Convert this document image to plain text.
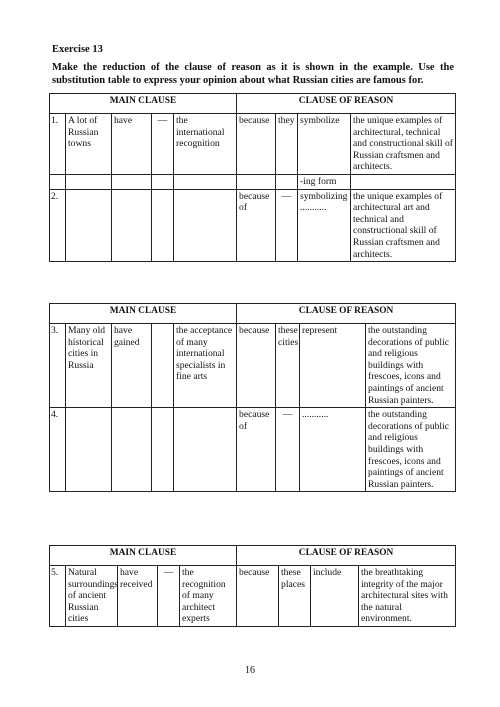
Exercise 13
Make the reduction of the clause of reason as it is shown in the example. Use the substitution table to express your opinion about what Russian cities are famous for.
MAIN CLAUSE					CLAUSE OF REASON			
1.	A lot of Russian towns	have	—	the international recognition	because	they	symbolize	the unique examples of architectural, technical and constructional skill of Russian craftsmen and architects.
							-ing form	
2.					because of	—	symbolizing ...........	the unique examples of architectural art and technical and constructional skill of Russian craftsmen and architects.
MAIN CLAUSE					CLAUSE OF REASON			
3.	Many old historical cities in Russia	have gained		the acceptance of many international specialists in fine arts	because	these cities	represent	the outstanding decorations of public and religious buildings with frescoes, icons and paintings of ancient Russian painters.
4.					because of	—	...........	the outstanding decorations of public and religious buildings with frescoes, icons and paintings of ancient Russian painters.
MAIN CLAUSE					CLAUSE OF REASON			
5.	Natural surroundings of ancient Russian cities	have received	—	the recognition of many architect experts	because	these places	include	the breathtaking integrity of the major architectural sites with the natural environment.
16
